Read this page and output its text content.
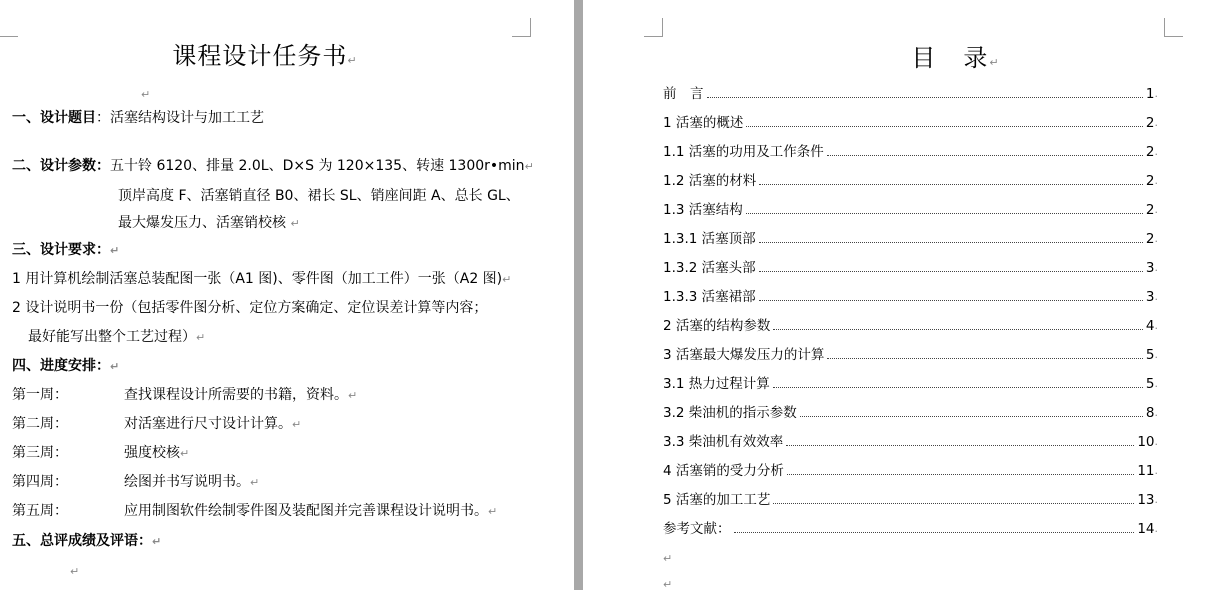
课程设计任务书↵
↵
一、设计题目：活塞结构设计与加工工艺
二、设计参数：五十铃 6120、排量 2.0L、D×S 为 120×135、转速 1300r•min↵
顶岸高度 F、活塞销直径 B0、裙长 SL、销座间距 A、总长 GL、
最大爆发压力、活塞销校核 ↵
三、设计要求：↵
1 用计算机绘制活塞总装配图一张（A1 图)、零件图（加工工件）一张（A2 图)↵
2 设计说明书一份（包括零件图分析、定位方案确定、定位误差计算等内容；
最好能写出整个工艺过程）↵
四、进度安排：↵
第一周：	查找课程设计所需要的书籍，资料。↵
第二周：	对活塞进行尺寸设计计算。↵
第三周：	强度校核↵
第四周：	绘图并书写说明书。↵
第五周：	应用制图软件绘制零件图及装配图并完善课程设计说明书。↵
五、总评成绩及评语：↵
↵
目 录↵
前　言	1 .
1 活塞的概述	2 .
1.1 活塞的功用及工作条件	2 .
1.2 活塞的材料	2 .
1.3 活塞结构	2 .
1.3.1 活塞顶部	2 .
1.3.2 活塞头部	3 .
1.3.3 活塞裙部	3 .
2 活塞的结构参数	4 .
3 活塞最大爆发压力的计算	5 .
3.1 热力过程计算	5 .
3.2 柴油机的指示参数	8 .
3.3 柴油机有效效率	10 .
4 活塞销的受力分析	11 .
5 活塞的加工工艺	13 .
参考文献：	14 .
↵
↵
